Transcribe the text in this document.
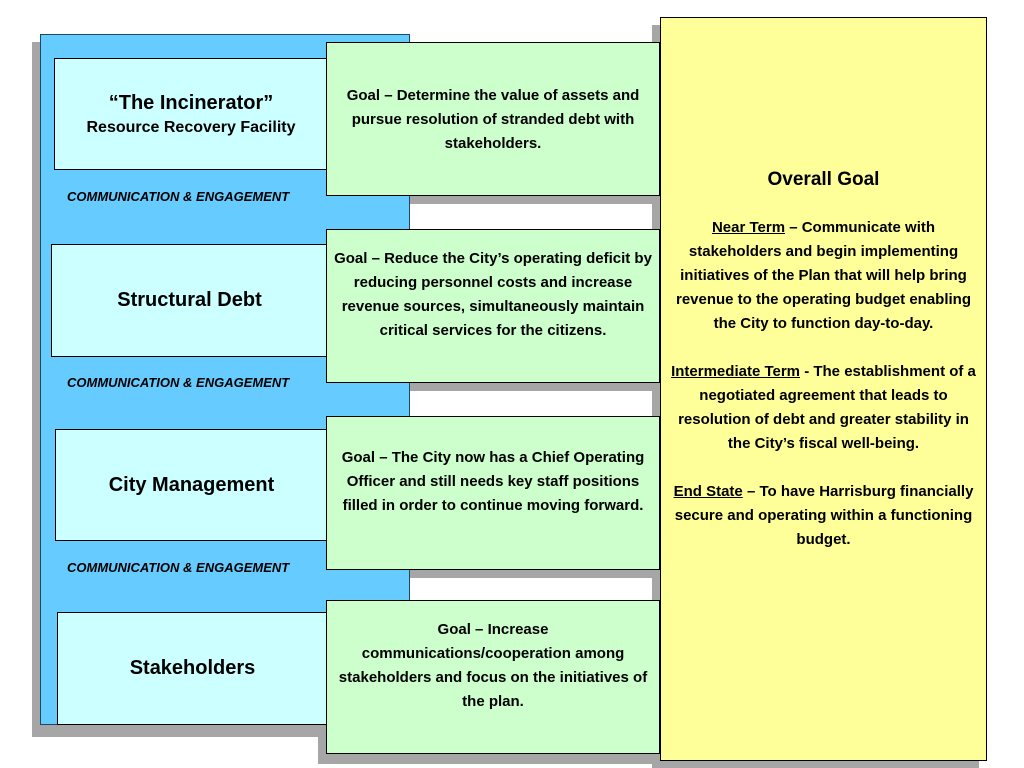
“The Incinerator”
Resource Recovery Facility
COMMUNICATION & ENGAGEMENT
Structural Debt
COMMUNICATION & ENGAGEMENT
City Management
COMMUNICATION & ENGAGEMENT
Stakeholders
Goal – Determine the value of assets and pursue resolution of stranded debt with stakeholders.
Goal – Reduce the City’s operating deficit by reducing personnel costs and increase revenue sources, simultaneously maintain critical services for the citizens.
Goal – The City now has a Chief Operating Officer and still needs key staff positions filled in order to continue moving forward.
Goal – Increase communications/cooperation among stakeholders and focus on the initiatives of the plan.
Overall Goal
Near Term – Communicate with stakeholders and begin implementing initiatives of the Plan that will help bring revenue to the operating budget enabling the City to function day-to-day.
Intermediate Term - The establishment of a negotiated agreement that leads to resolution of debt and greater stability in the City’s fiscal well-being.
End State – To have Harrisburg financially secure and operating within a functioning budget.
